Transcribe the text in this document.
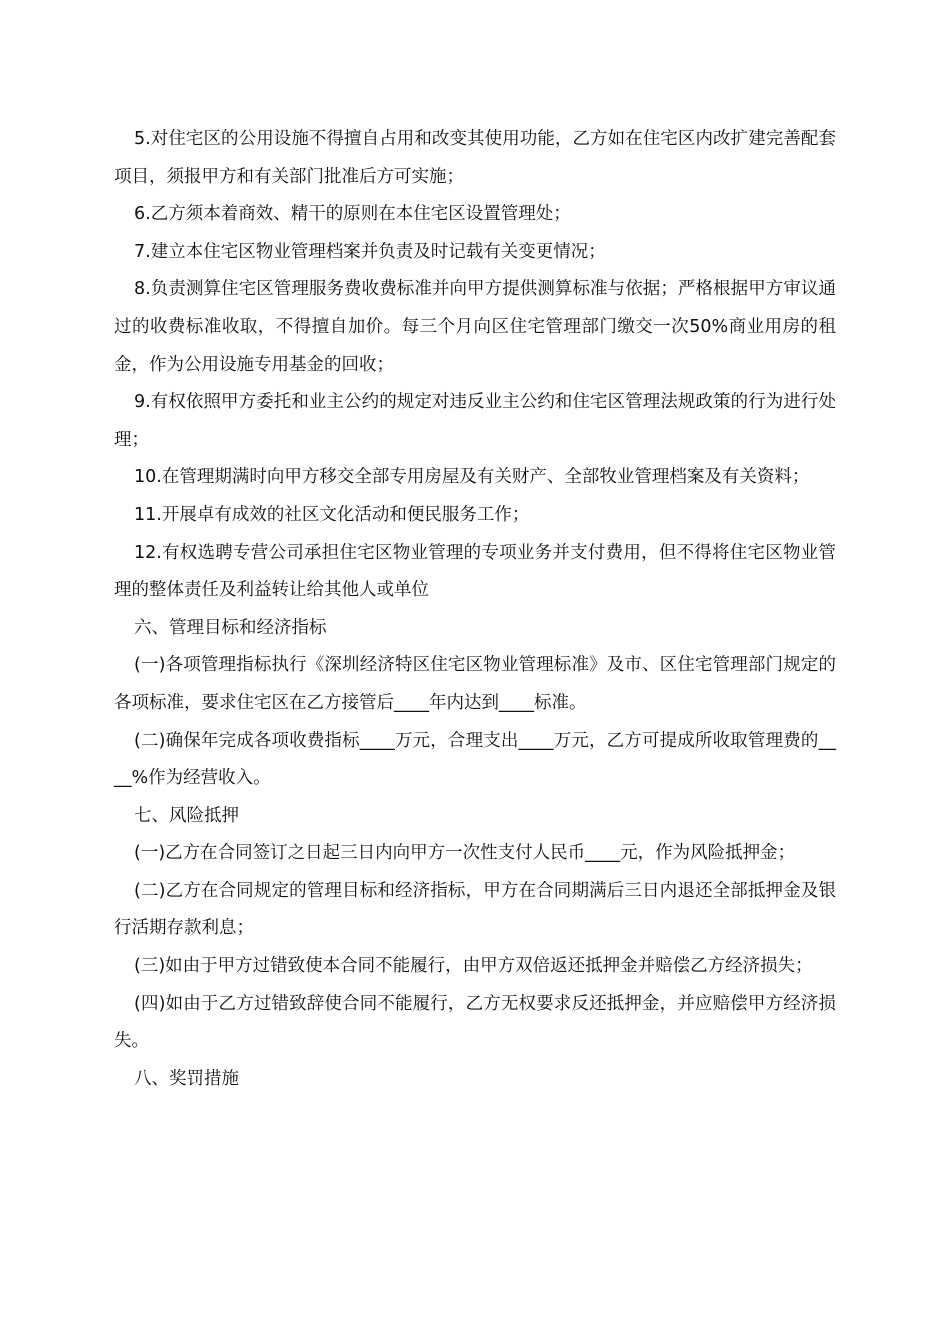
5.对住宅区的公用设施不得擅自占用和改变其使用功能，乙方如在住宅区内改扩建完善配套项目，须报甲方和有关部门批准后方可实施；

6.乙方须本着商效、精干的原则在本住宅区设置管理处；

7.建立本住宅区物业管理档案并负责及时记载有关变更情况；

8.负责测算住宅区管理服务费收费标准并向甲方提供测算标准与依据；严格根据甲方审议通过的收费标准收取，不得擅自加价。每三个月向区住宅管理部门缴交一次50%商业用房的租金，作为公用设施专用基金的回收；

9.有权依照甲方委托和业主公约的规定对违反业主公约和住宅区管理法规政策的行为进行处理；

10.在管理期满时向甲方移交全部专用房屋及有关财产、全部牧业管理档案及有关资料；

11.开展卓有成效的社区文化活动和便民服务工作；

12.有权选聘专营公司承担住宅区物业管理的专项业务并支付费用，但不得将住宅区物业管理的整体责任及利益转让给其他人或单位

六、管理目标和经济指标

(一)各项管理指标执行《深圳经济特区住宅区物业管理标准》及市、区住宅管理部门规定的各项标准，要求住宅区在乙方接管后____年内达到____标准。

(二)确保年完成各项收费指标____万元，合理支出____万元，乙方可提成所收取管理费的____%作为经营收入。

七、风险抵押

(一)乙方在合同签订之日起三日内向甲方一次性支付人民币____元，作为风险抵押金；

(二)乙方在合同规定的管理目标和经济指标，甲方在合同期满后三日内退还全部抵押金及银行活期存款利息；

(三)如由于甲方过错致使本合同不能履行，由甲方双倍返还抵押金并赔偿乙方经济损失；

(四)如由于乙方过错致辞使合同不能履行，乙方无权要求反还抵押金，并应赔偿甲方经济损失。

八、奖罚措施
